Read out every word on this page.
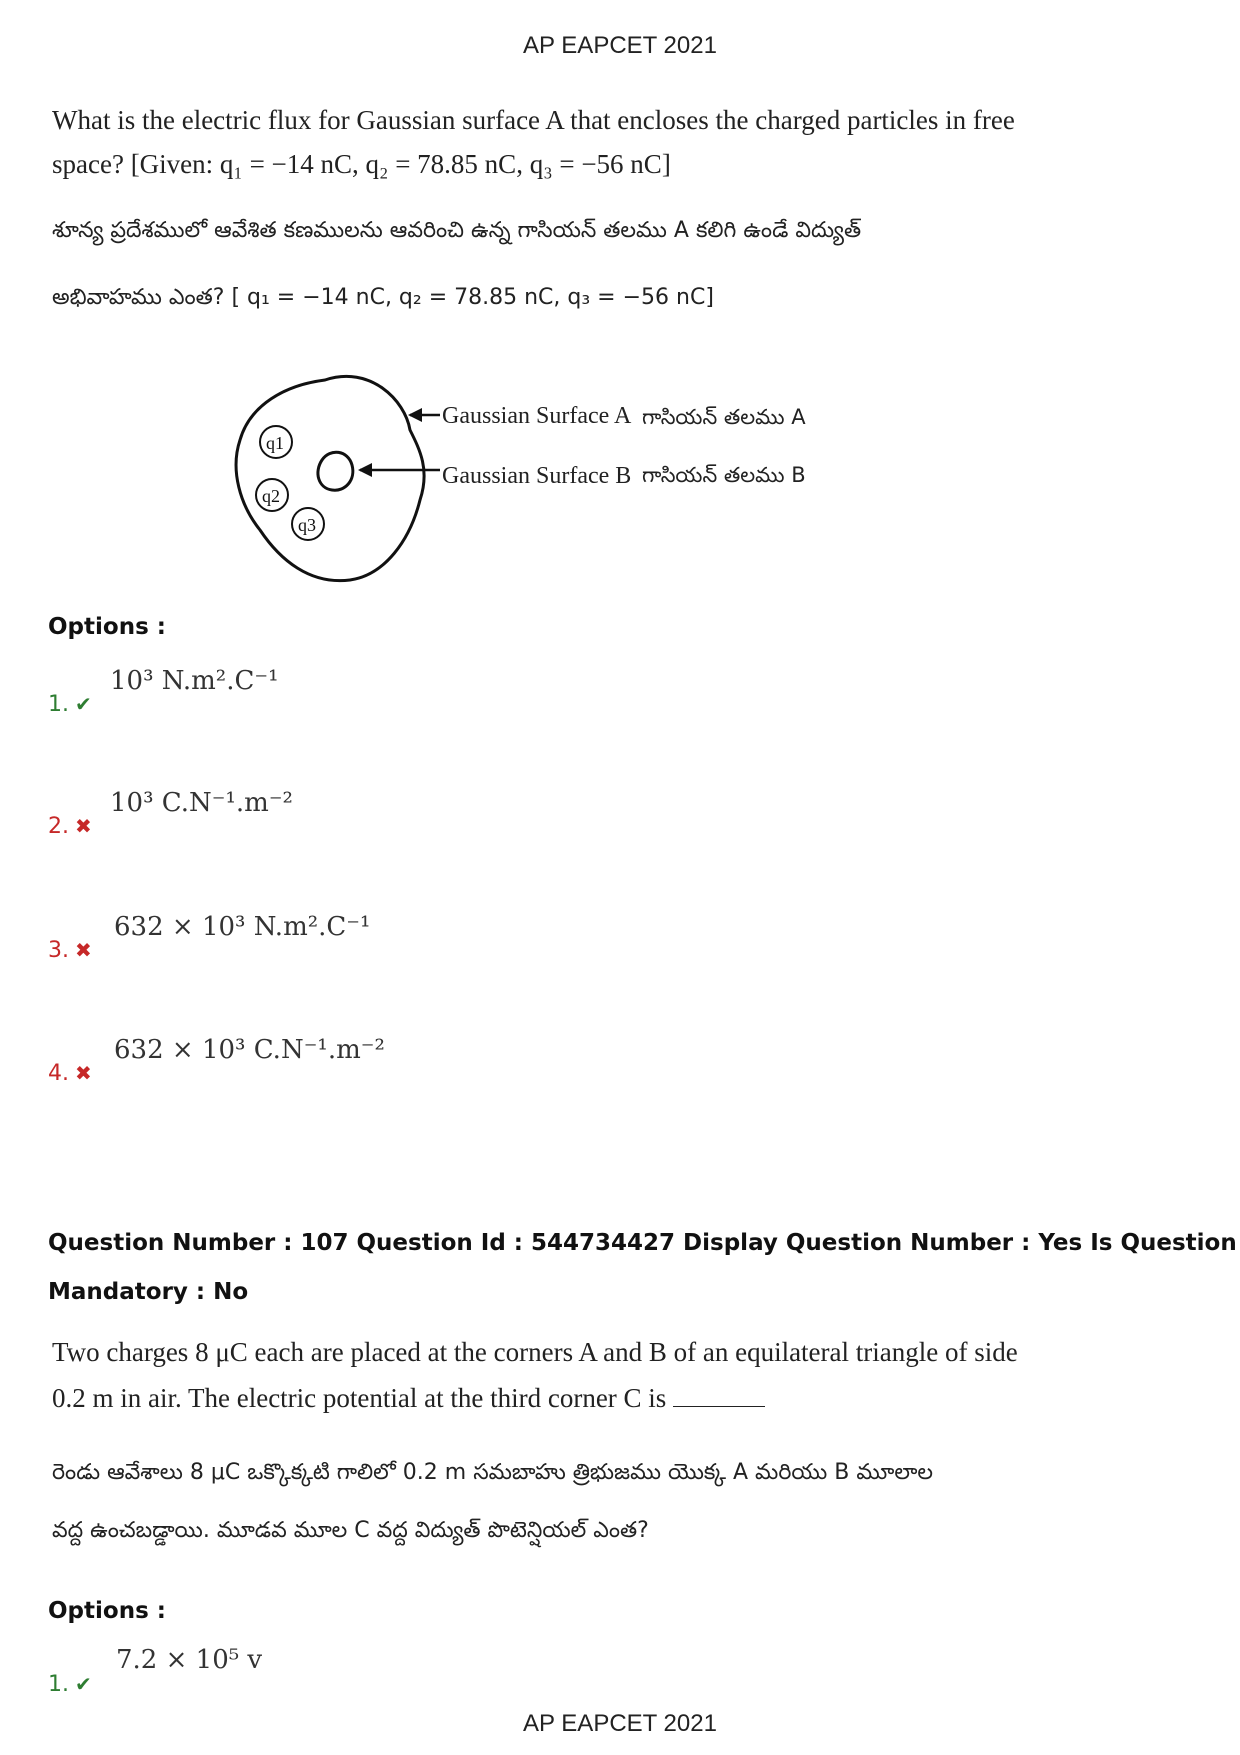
AP EAPCET 2021
What is the electric flux for Gaussian surface A that encloses the charged particles in free
space? [Given: q₁ = −14 nC, q₂ = 78.85 nC, q₃ = −56 nC]
శూన్య ప్రదేశములో ఆవేశిత కణములను ఆవరించి ఉన్న గాసియన్ తలము A కలిగి ఉండే విద్యుత్
అభివాహము ఎంత? [ q₁ = −14 nC, q₂ = 78.85 nC, q₃ = −56 nC]
q1
q2
q3
Gaussian Surface A గాసియన్ తలము A
Gaussian Surface B గాసియన్ తలము B
Options :
10³ N.m².C⁻¹
1. ✔
10³ C.N⁻¹.m⁻²
2. ✖
632 × 10³ N.m².C⁻¹
3. ✖
632 × 10³ C.N⁻¹.m⁻²
4. ✖
Question Number : 107 Question Id : 544734427 Display Question Number : Yes Is Question
Mandatory : No
Two charges 8 μC each are placed at the corners A and B of an equilateral triangle of side
0.2 m in air. The electric potential at the third corner C is
రెండు ఆవేశాలు 8 μC ఒక్కొక్కటి గాలిలో 0.2 m సమబాహు త్రిభుజము యొక్క A మరియు B మూలాల
వద్ద ఉంచబడ్డాయి. మూడవ మూల C వద్ద విద్యుత్ పొటెన్షియల్ ఎంత?
Options :
7.2 × 10⁵ v
1. ✔
AP EAPCET 2021
